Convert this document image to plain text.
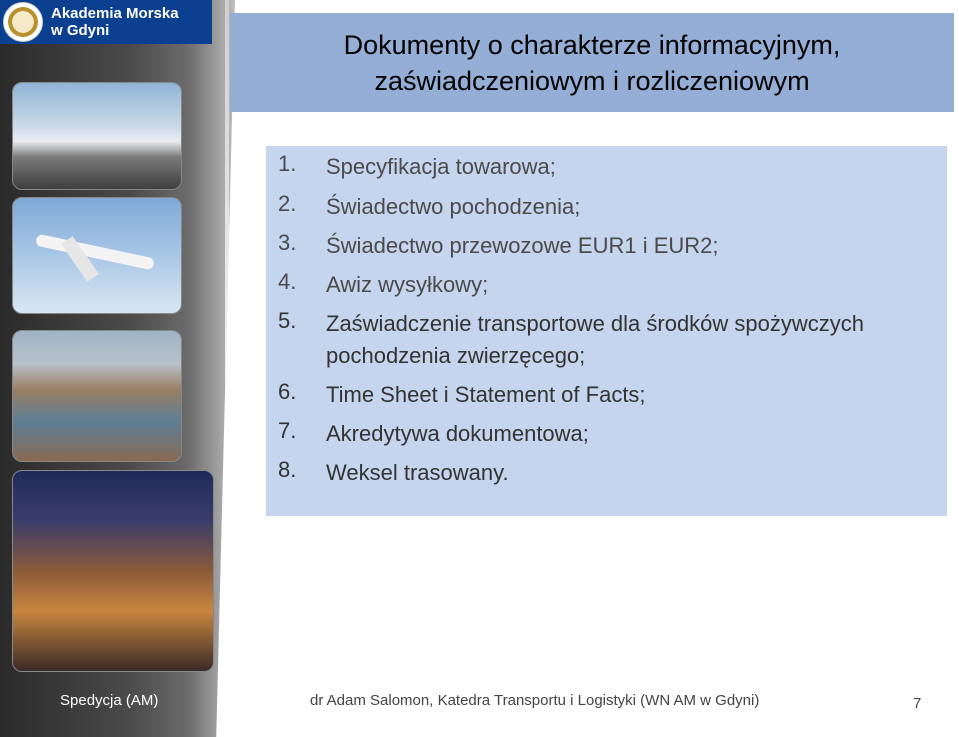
Akademia Morska
w Gdyni	Dokumenty o charakterze informacyjnym,
zaświadczeniowym i rozliczeniowym
1.	Specyfikacja towarowa;
2.	Świadectwo pochodzenia;
3.	Świadectwo przewozowe EUR1 i EUR2;
4.	Awiz wysyłkowy;
5.	Zaświadczenie transportowe dla środków spożywczych pochodzenia zwierzęcego;
6.	Time Sheet i Statement of Facts;
7.	Akredytywa dokumentowa;
8.	Weksel trasowany.
Spedycja (AM)	dr Adam Salomon, Katedra Transportu i Logistyki (WN AM w Gdyni)	7
